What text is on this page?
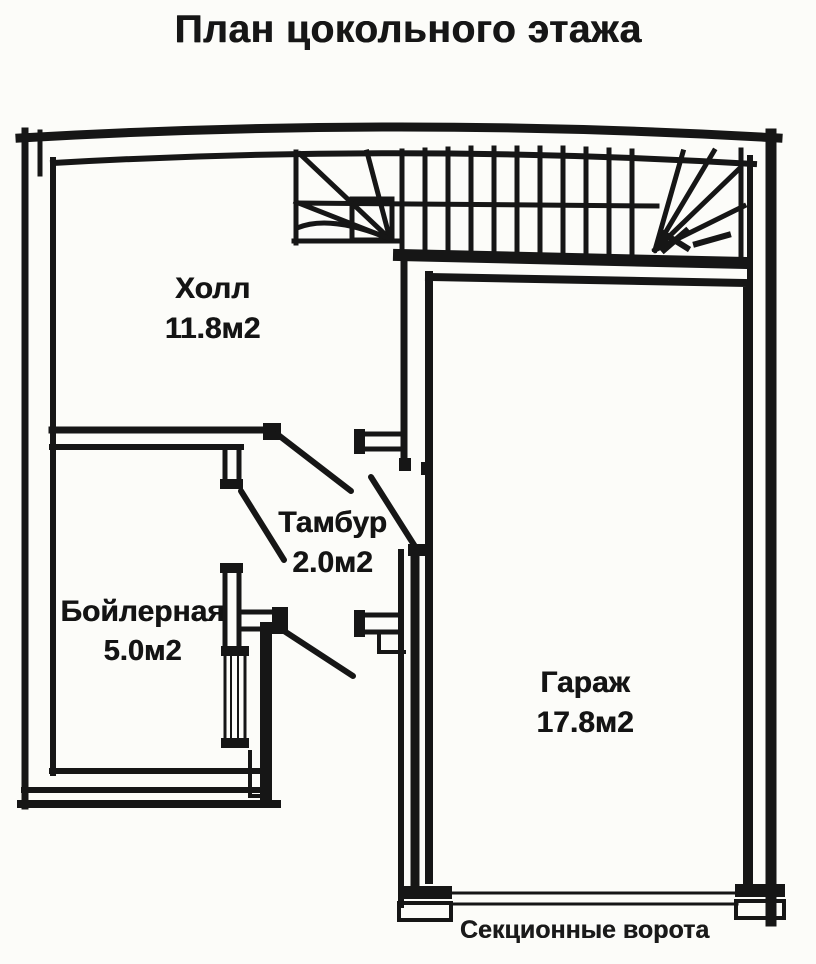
План цокольного этажа
Холл
11.8м2
Тамбур
2.0м2
Бойлерная
5.0м2
Гараж
17.8м2
Секционные ворота
